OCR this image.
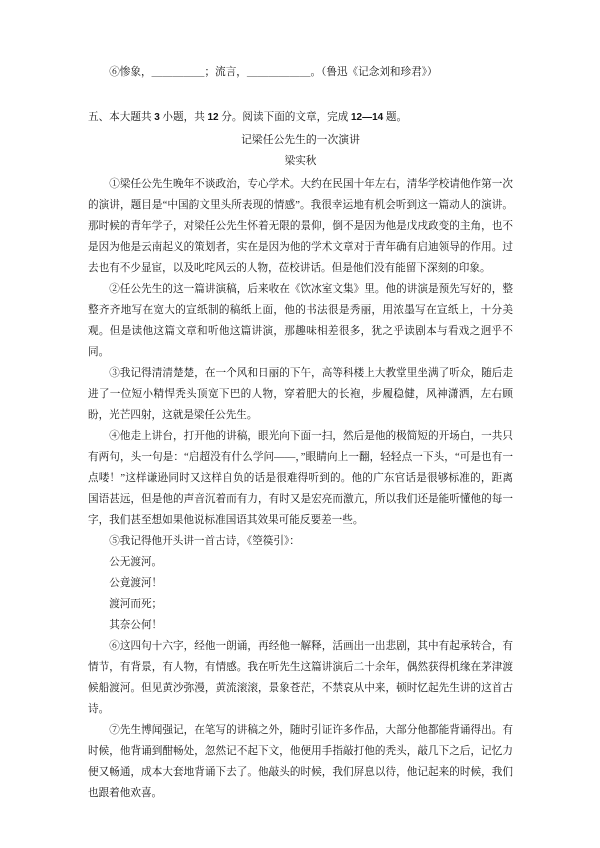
⑥惨象，＿＿＿＿＿；流言，＿＿＿＿＿＿。（鲁迅《记念刘和珍君》）

五、本大题共 3 小题，共 12 分。阅读下面的文章，完成 12—14 题。

记梁任公先生的一次演讲

梁实秋

①梁任公先生晚年不谈政治，专心学术。大约在民国十年左右，清华学校请他作第一次的演讲，题目是“中国韵文里头所表现的情感”。我很幸运地有机会听到这一篇动人的演讲。那时候的青年学子，对梁任公先生怀着无限的景仰，倒不是因为他是戊戌政变的主角，也不是因为他是云南起义的策划者，实在是因为他的学术文章对于青年确有启迪领导的作用。过去也有不少显宦，以及叱咤风云的人物，莅校讲话。但是他们没有能留下深刻的印象。

②任公先生的这一篇讲演稿，后来收在《饮冰室文集》里。他的讲演是预先写好的，整整齐齐地写在宽大的宣纸制的稿纸上面，他的书法很是秀丽，用浓墨写在宣纸上，十分美观。但是读他这篇文章和听他这篇讲演，那趣味相差很多，犹之乎读剧本与看戏之迥乎不同。

③我记得清清楚楚，在一个风和日丽的下午，高等科楼上大教堂里坐满了听众，随后走进了一位短小精悍秃头顶宽下巴的人物，穿着肥大的长袍，步履稳健，风神潇洒，左右顾盼，光芒四射，这就是梁任公先生。

④他走上讲台，打开他的讲稿，眼光向下面一扫，然后是他的极简短的开场白，一共只有两句，头一句是：“启超没有什么学问——，”眼睛向上一翻，轻轻点一下头，“可是也有一点喽！”这样谦逊同时又这样自负的话是很难得听到的。他的广东官话是很够标准的，距离国语甚远，但是他的声音沉着而有力，有时又是宏亮而激亢，所以我们还是能听懂他的每一字，我们甚至想如果他说标准国语其效果可能反要差一些。

⑤我记得他开头讲一首古诗，《箜篌引》：

公无渡河。

公竟渡河！

渡河而死；

其奈公何！

⑥这四句十六字，经他一朗诵，再经他一解释，活画出一出悲剧，其中有起承转合，有情节，有背景，有人物，有情感。我在听先生这篇讲演后二十余年，偶然获得机缘在茅津渡候船渡河。但见黄沙弥漫，黄流滚滚，景象苍茫，不禁哀从中来，顿时忆起先生讲的这首古诗。

⑦先生博闻强记，在笔写的讲稿之外，随时引证许多作品，大部分他都能背诵得出。有时候，他背诵到酣畅处，忽然记不起下文，他便用手指敲打他的秃头，敲几下之后，记忆力便又畅通，成本大套地背诵下去了。他敲头的时候，我们屏息以待，他记起来的时候，我们也跟着他欢喜。
